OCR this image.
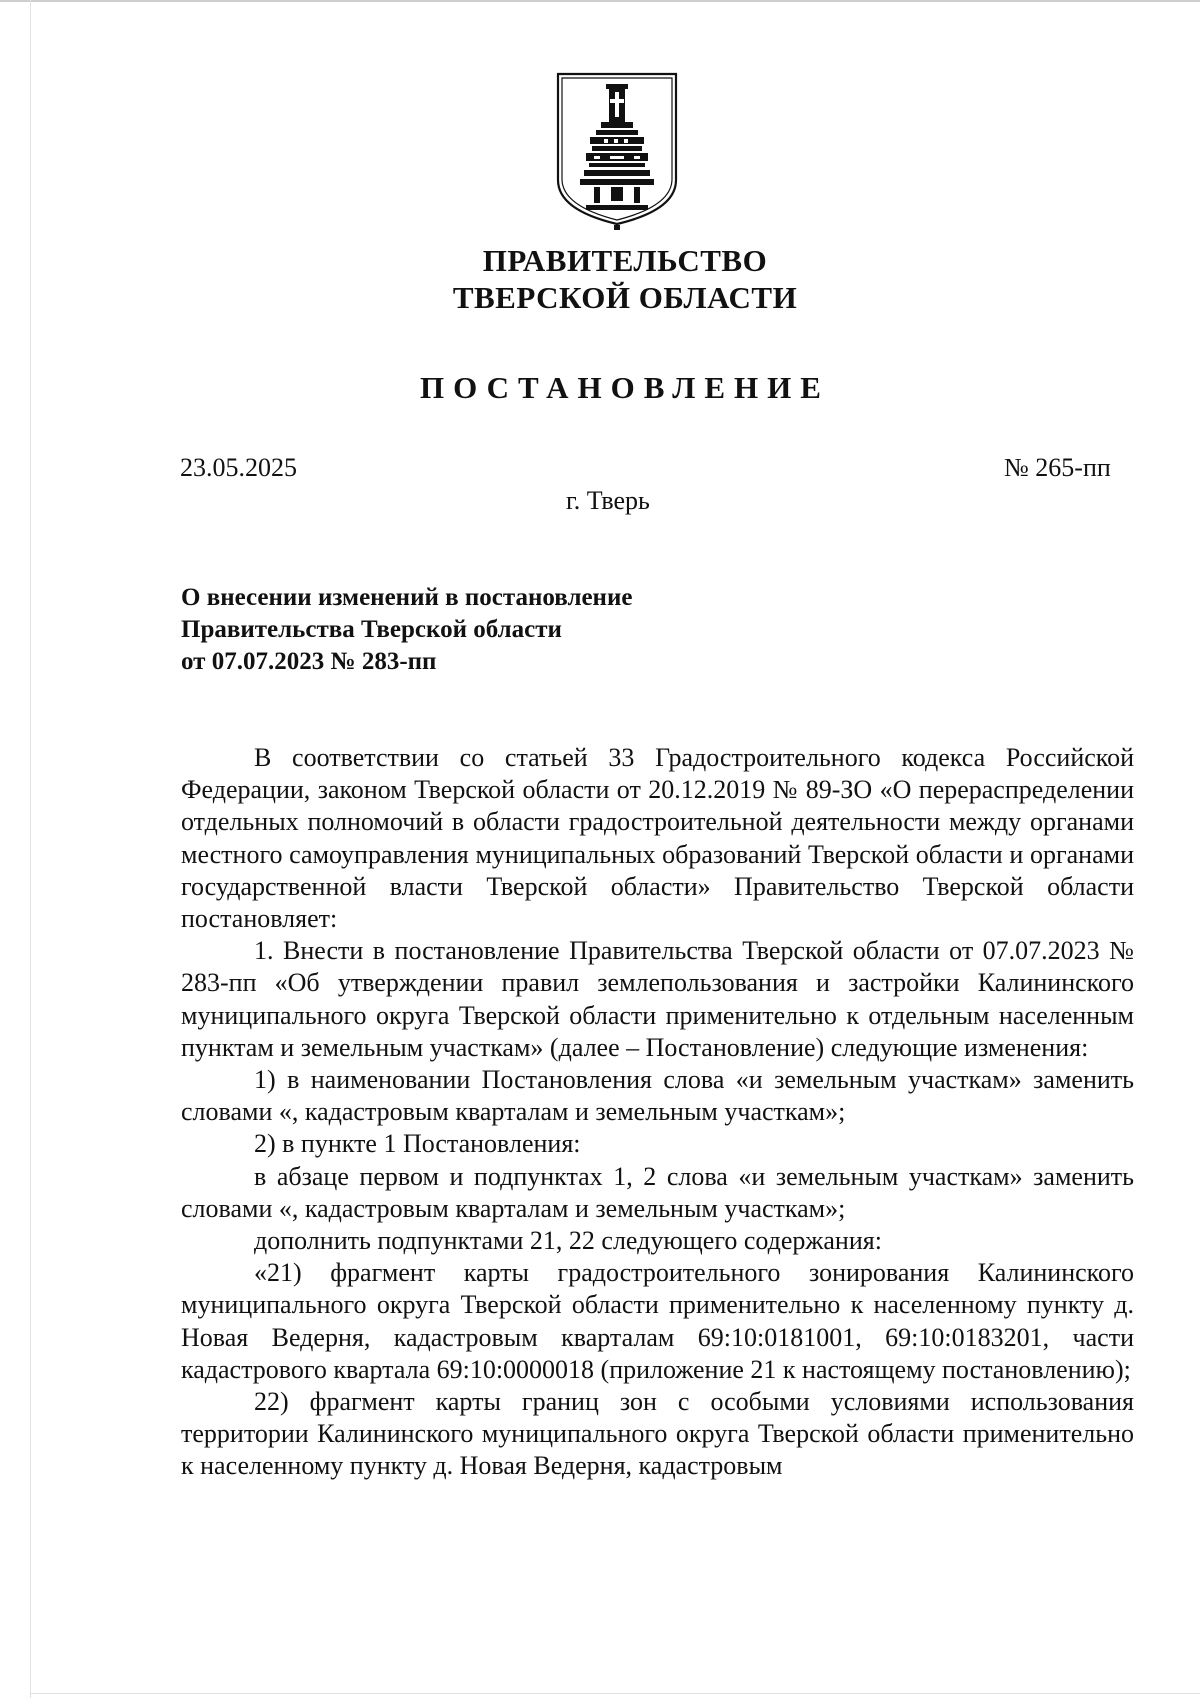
ПРАВИТЕЛЬСТВО
ТВЕРСКОЙ ОБЛАСТИ
ПОСТАНОВЛЕНИЕ
23.05.2025	№ 265-пп
г. Тверь
О внесении изменений в постановление
Правительства Тверской области
от 07.07.2023 № 283-пп

В соответствии со статьей 33 Градостроительного кодекса Российской Федерации, законом Тверской области от 20.12.2019 № 89-ЗО «О перераспределении отдельных полномочий в области градостроительной деятельности между органами местного самоуправления муниципальных образований Тверской области и органами государственной власти Тверской области» Правительство Тверской области постановляет:

1. Внести в постановление Правительства Тверской области от 07.07.2023 № 283-пп «Об утверждении правил землепользования и застройки Калининского муниципального округа Тверской области применительно к отдельным населенным пунктам и земельным участкам» (далее – Постановление) следующие изменения:

1) в наименовании Постановления слова «и земельным участкам» заменить словами «, кадастровым кварталам и земельным участкам»;

2) в пункте 1 Постановления:

в абзаце первом и подпунктах 1, 2 слова «и земельным участкам» заменить словами «, кадастровым кварталам и земельным участкам»;

дополнить подпунктами 21, 22 следующего содержания:

«21) фрагмент карты градостроительного зонирования Калининского муниципального округа Тверской области применительно к населенному пункту д. Новая Ведерня, кадастровым кварталам 69:10:0181001, 69:10:0183201, части кадастрового квартала 69:10:0000018 (приложение 21 к настоящему постановлению);

22) фрагмент карты границ зон с особыми условиями использования территории Калининского муниципального округа Тверской области применительно к населенному пункту д. Новая Ведерня, кадастровым
